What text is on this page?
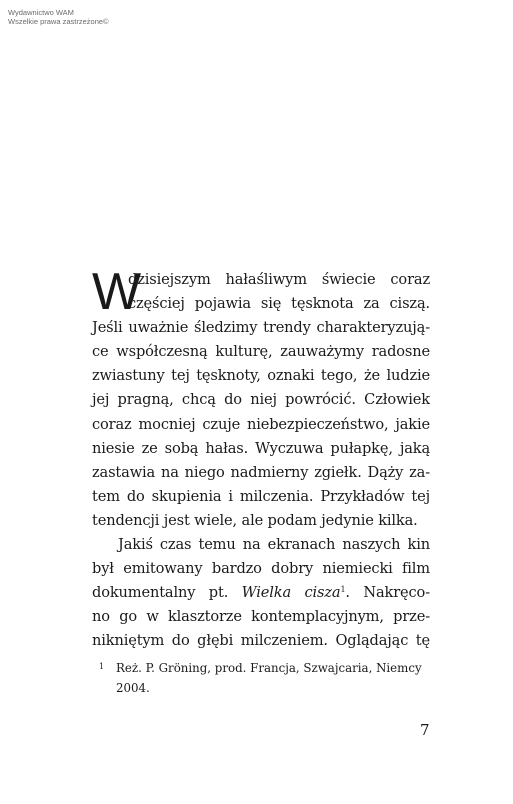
Wydawnictwo WAM
Wszelkie prawa zastrzeżone©
W
dzisiejszym hałaśliwym świecie coraz
częściej pojawia się tęsknota za ciszą.
Jeśli uważnie śledzimy trendy charakteryzują-
ce współczesną kulturę, zauważymy radosne
zwiastuny tej tęsknoty, oznaki tego, że ludzie
jej pragną, chcą do niej powrócić. Człowiek
coraz mocniej czuje niebezpieczeństwo, jakie
niesie ze sobą hałas. Wyczuwa pułapkę, jaką
zastawia na niego nadmierny zgiełk. Dąży za-
tem do skupienia i milczenia. Przykładów tej
tendencji jest wiele, ale podam jedynie kilka.
Jakiś czas temu na ekranach naszych kin
był emitowany bardzo dobry niemiecki film
dokumentalny pt. Wielka cisza$^1$. Nakręco-
no go w klasztorze kontemplacyjnym, prze-
nikniętym do głębi milczeniem. Oglądając tę
1	Reż. P. Gröning, prod. Francja, Szwajcaria, Niemcy
2004.
7
